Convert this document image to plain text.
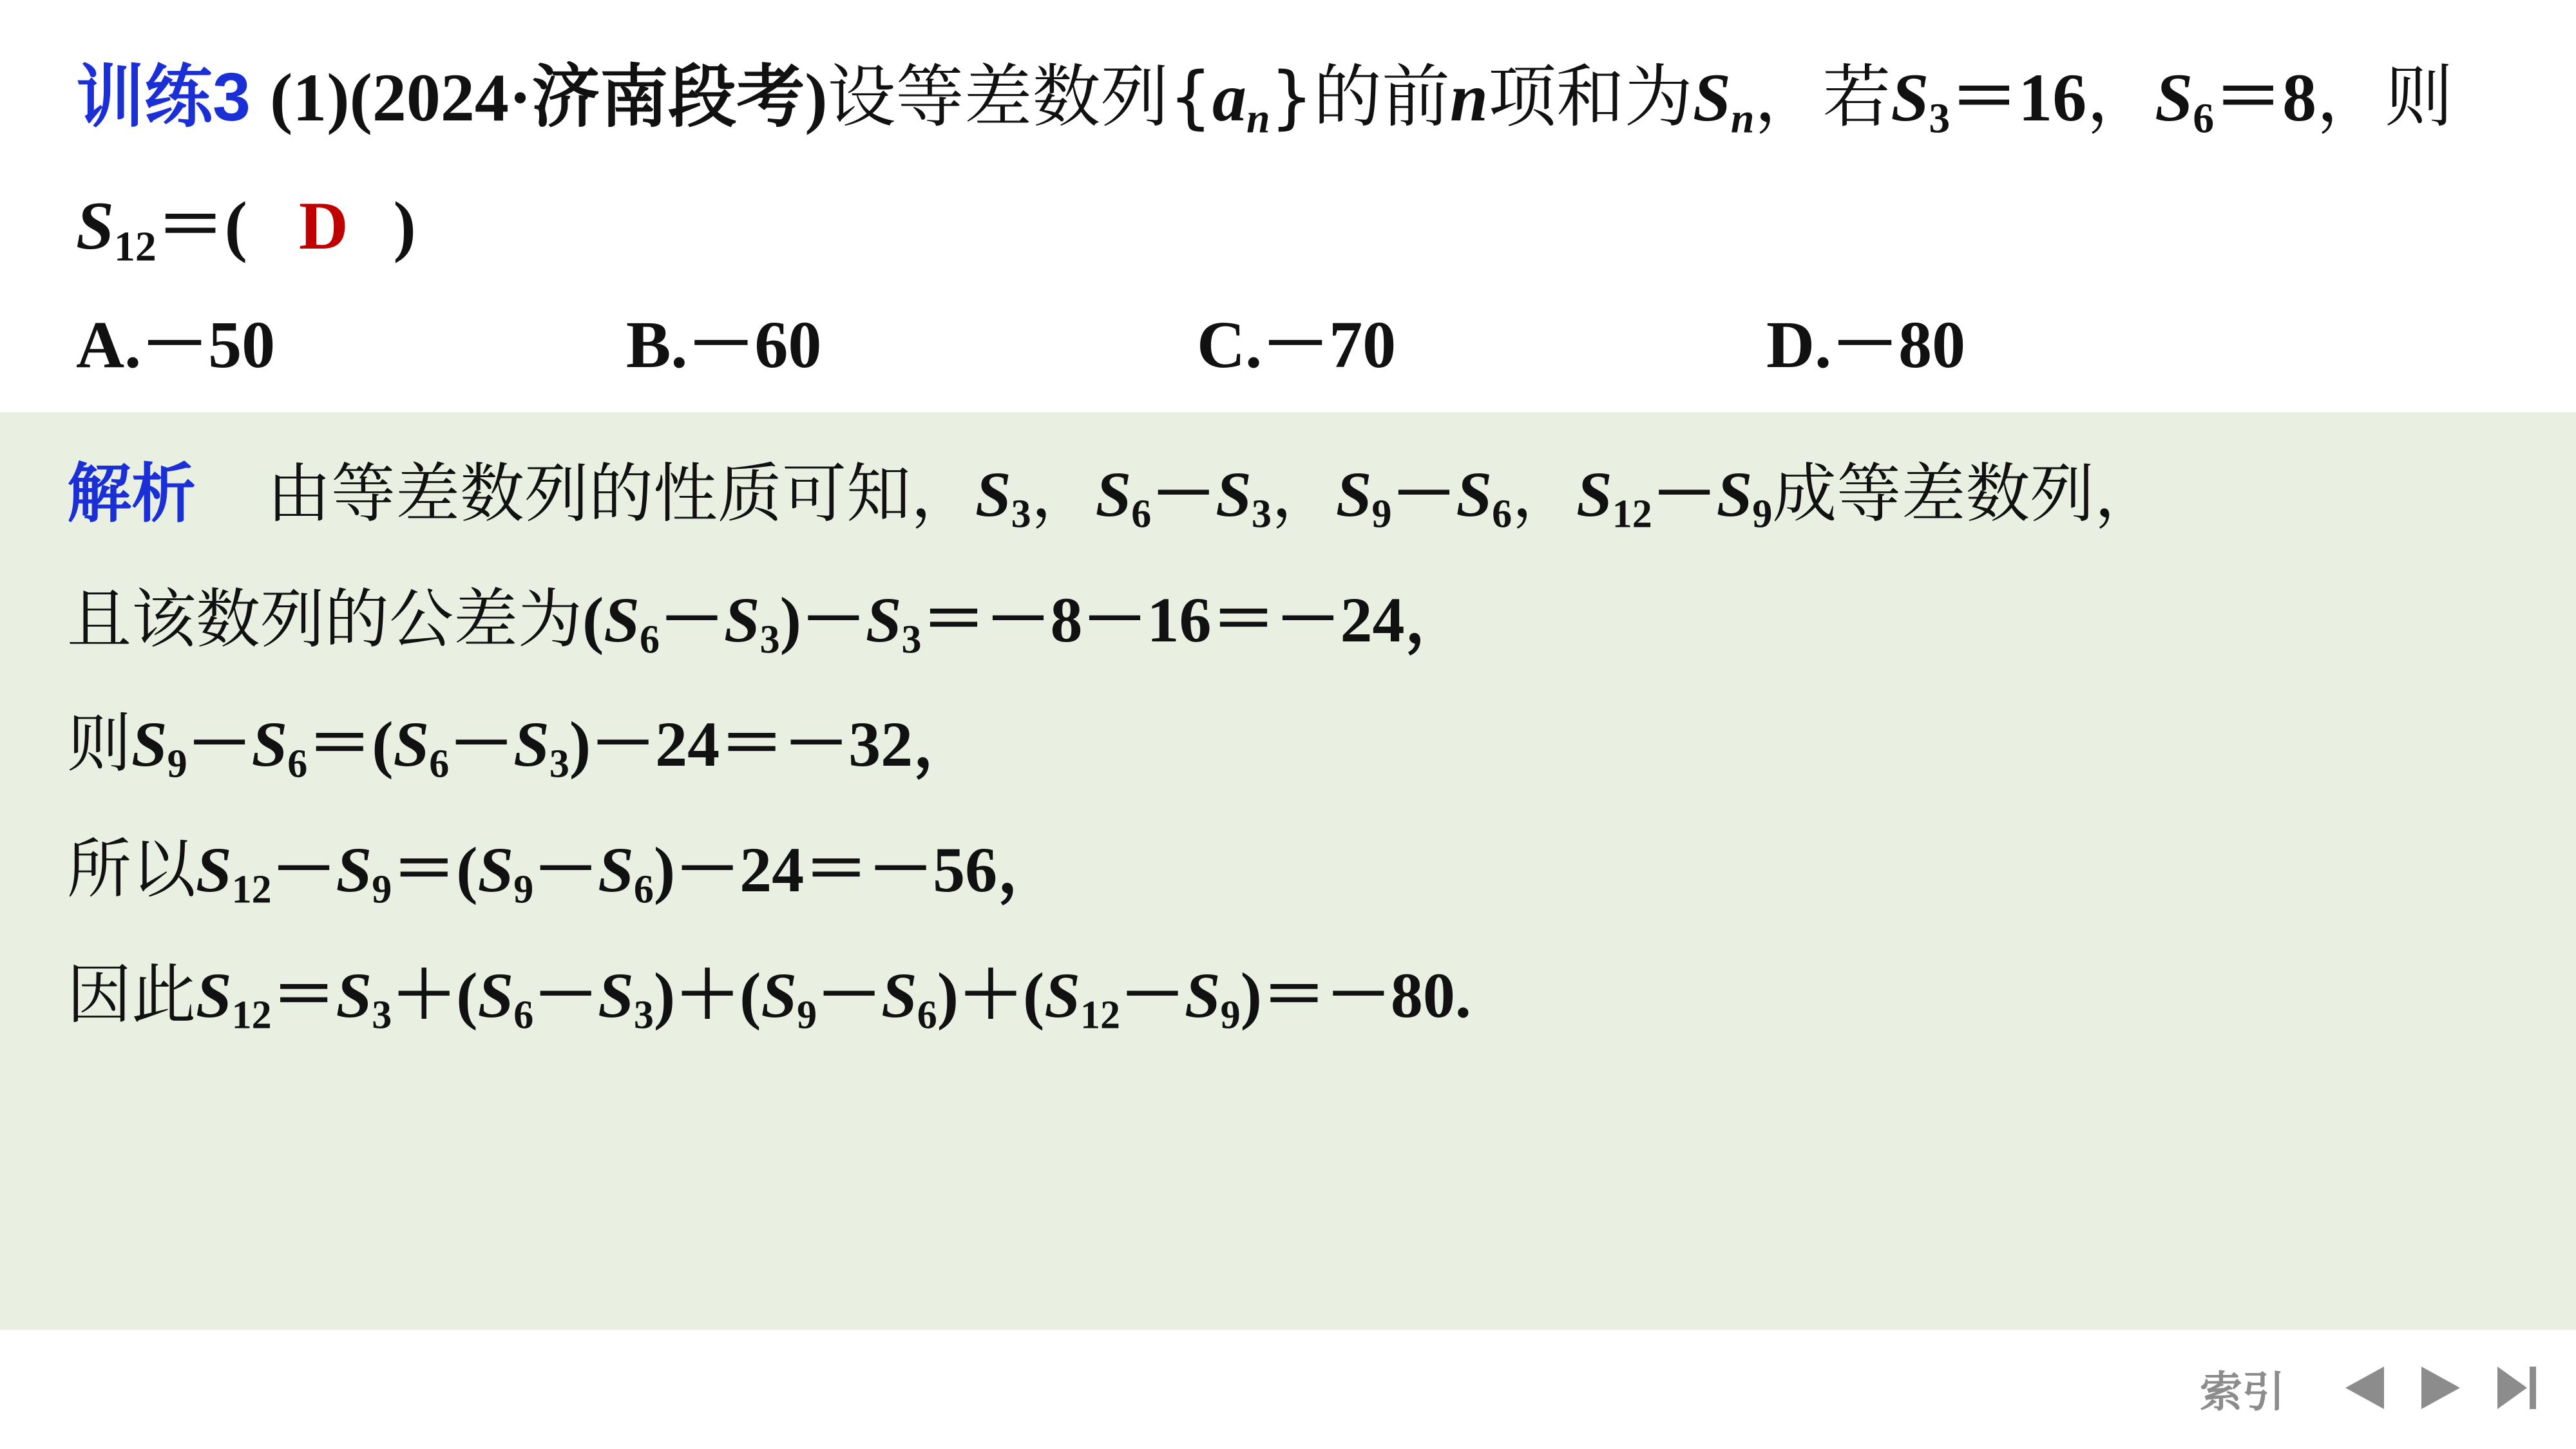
训练3 (1)(2024·济南段考)设等差数列$\{a_n\}$的前n项和为$S_n$，若$S_3=16$，$S_6=8$，则
$S_{12}=$( D )
A.－50	B.－60	C.－70	D.－80
解析 由等差数列的性质可知，$S_3$，$S_6-S_3$，$S_9-S_6$，$S_{12}-S_9$成等差数列，
且该数列的公差为$(S_6-S_3)-S_3=-8-16=-24$，
则$S_9-S_6=(S_6-S_3)-24=-32$，
所以$S_{12}-S_9=(S_9-S_6)-24=-56$，
因此$S_{12}=S_3+(S_6-S_3)+(S_9-S_6)+(S_{12}-S_9)=-80$.
索引
